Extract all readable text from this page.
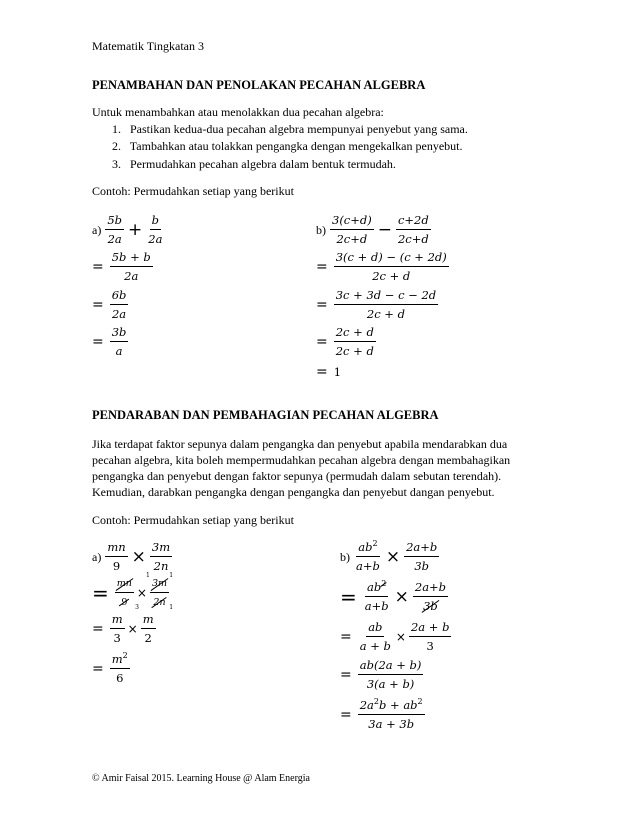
Matematik Tingkatan 3
PENAMBAHAN DAN PENOLAKAN PECAHAN ALGEBRA
Untuk menambahkan atau menolakkan dua pecahan algebra:
1. Pastikan kedua-dua pecahan algebra mempunyai penyebut yang sama.
2. Tambahkan atau tolakkan pengangka dengan mengekalkan penyebut.
3. Permudahkan pecahan algebra dalam bentuk termudah.
Contoh: Permudahkan setiap yang berikut
$a) \frac{5b}{2a} + \frac{b}{2a}$
= $\frac{5b + b}{2a}$
= $\frac{6b}{2a}$
= $\frac{3b}{a}$
$b) \frac{3(c+d)}{2c+d} - \frac{c+2d}{2c+d}$
= $\frac{3(c + d) - (c + 2d)}{2c + d}$
= $\frac{3c + 3d - c - 2d}{2c + d}$
= $\frac{2c + d}{2c + d}$
= 1
PENDARABAN DAN PEMBAHAGIAN PECAHAN ALGEBRA
Jika terdapat faktor sepunya dalam pengangka dan penyebut apabila mendarabkan dua
pecahan algebra, kita boleh mempermudahkan pecahan algebra dengan membahagikan
pengangka dan penyebut dengan faktor sepunya (permudah dalam sebutan terendah).
Kemudian, darabkan pengangka dengan pengangka dan penyebut dangan penyebut.
Contoh: Permudahkan setiap yang berikut
$a) \frac{mn}{9} \times \frac{3m}{2n}$
= mn
9	3
×
1
3m
2n
1
1
= $\frac{m}{3} \times \frac{m}{2}$
= $\frac{m^2}{6}$
$b) \frac{ab^2}{a+b} \times \frac{2a+b}{3b}$
= $\frac{ab^2}{a+b} \times \frac{2a+b}{3b}$
= $\frac{ab}{a + b} \times \frac{2a + b}{3}$
= $\frac{ab(2a + b)}{3(a + b)}$
= $\frac{2a^2b + ab^2}{3a + 3b}$
© Amir Faisal 2015. Learning House @ Alam Energia
